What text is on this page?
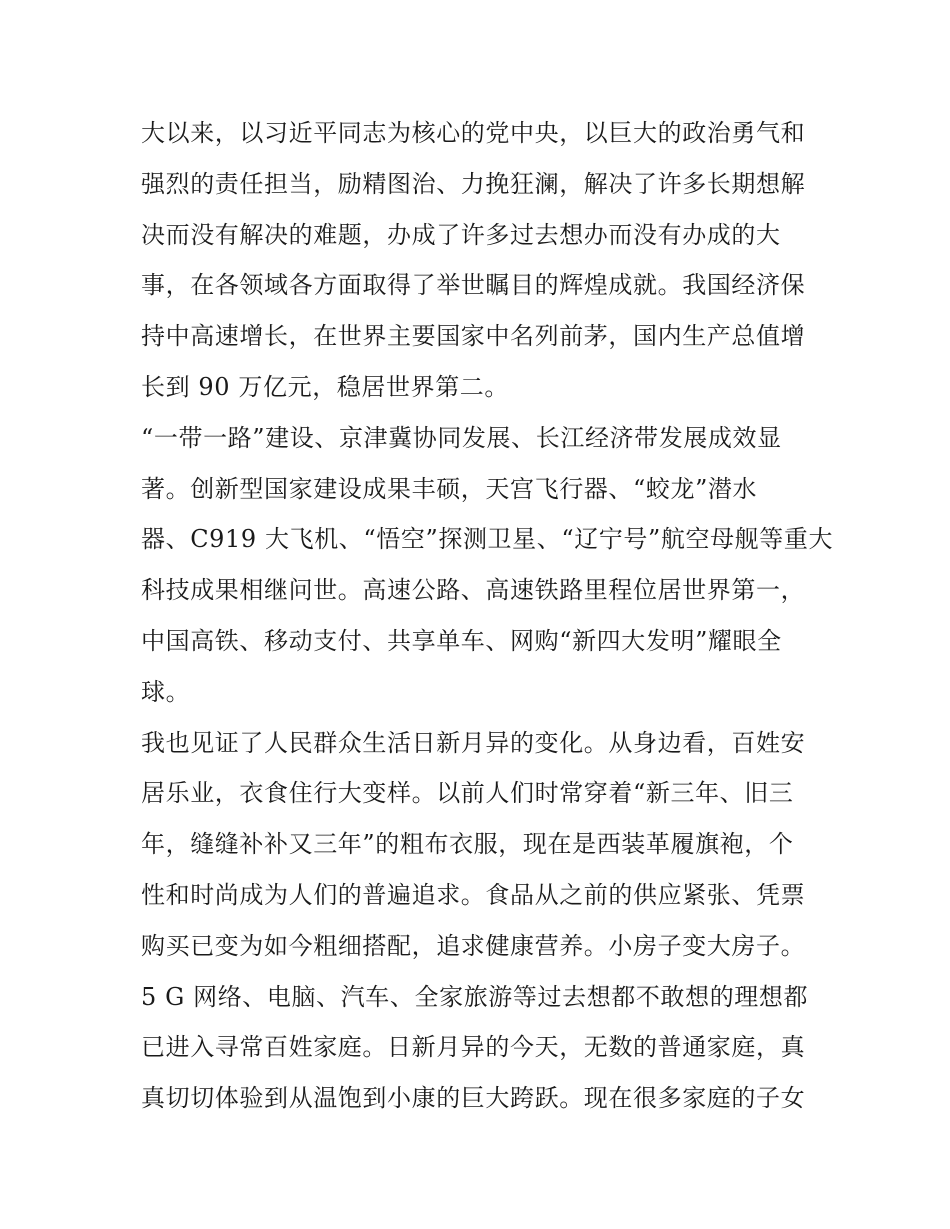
大以来，以习近平同志为核心的党中央，以巨大的政治勇气和
强烈的责任担当，励精图治、力挽狂澜，解决了许多长期想解
决而没有解决的难题，办成了许多过去想办而没有办成的大
事，在各领域各方面取得了举世瞩目的辉煌成就。我国经济保
持中高速增长，在世界主要国家中名列前茅，国内生产总值增
长到 90 万亿元，稳居世界第二。
“一带一路”建设、京津冀协同发展、长江经济带发展成效显
著。创新型国家建设成果丰硕，天宫飞行器、“蛟龙”潜水
器、C919 大飞机、“悟空”探测卫星、“辽宁号”航空母舰等重大
科技成果相继问世。高速公路、高速铁路里程位居世界第一，
中国高铁、移动支付、共享单车、网购“新四大发明”耀眼全
球。
我也见证了人民群众生活日新月异的变化。从身边看，百姓安
居乐业，衣食住行大变样。以前人们时常穿着“新三年、旧三
年，缝缝补补又三年”的粗布衣服，现在是西装革履旗袍，个
性和时尚成为人们的普遍追求。食品从之前的供应紧张、凭票
购买已变为如今粗细搭配，追求健康营养。小房子变大房子。
5 G 网络、电脑、汽车、全家旅游等过去想都不敢想的理想都
已进入寻常百姓家庭。日新月异的今天，无数的普通家庭，真
真切切体验到从温饱到小康的巨大跨跃。现在很多家庭的子女
